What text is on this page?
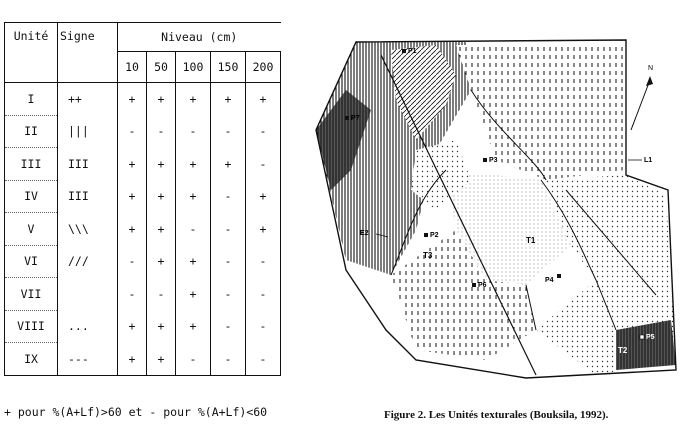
Unité	Signe	Niveau (cm)				
		10	50	100	150	200
I	++	+	+	+	+	+
II	|||	-	-	-	-	-
III	III	+	+	+	+	-
IV	III	+	+	+	-	+
V	\\\	+	+	-	-	+
VI	///	-	+	+	-	-
VII		-	-	+	-	-
VIII	...	+	+	+	-	-
IX	---	+	+	-	-	-
+ pour %(A+Lf)>60 et - pour %(A+Lf)<60
N
P1
P7
P3
P2
P6
P4
P5
T1
T3
T2
E2
L1
Figure 2. Les Unités texturales (Bouksila, 1992).
